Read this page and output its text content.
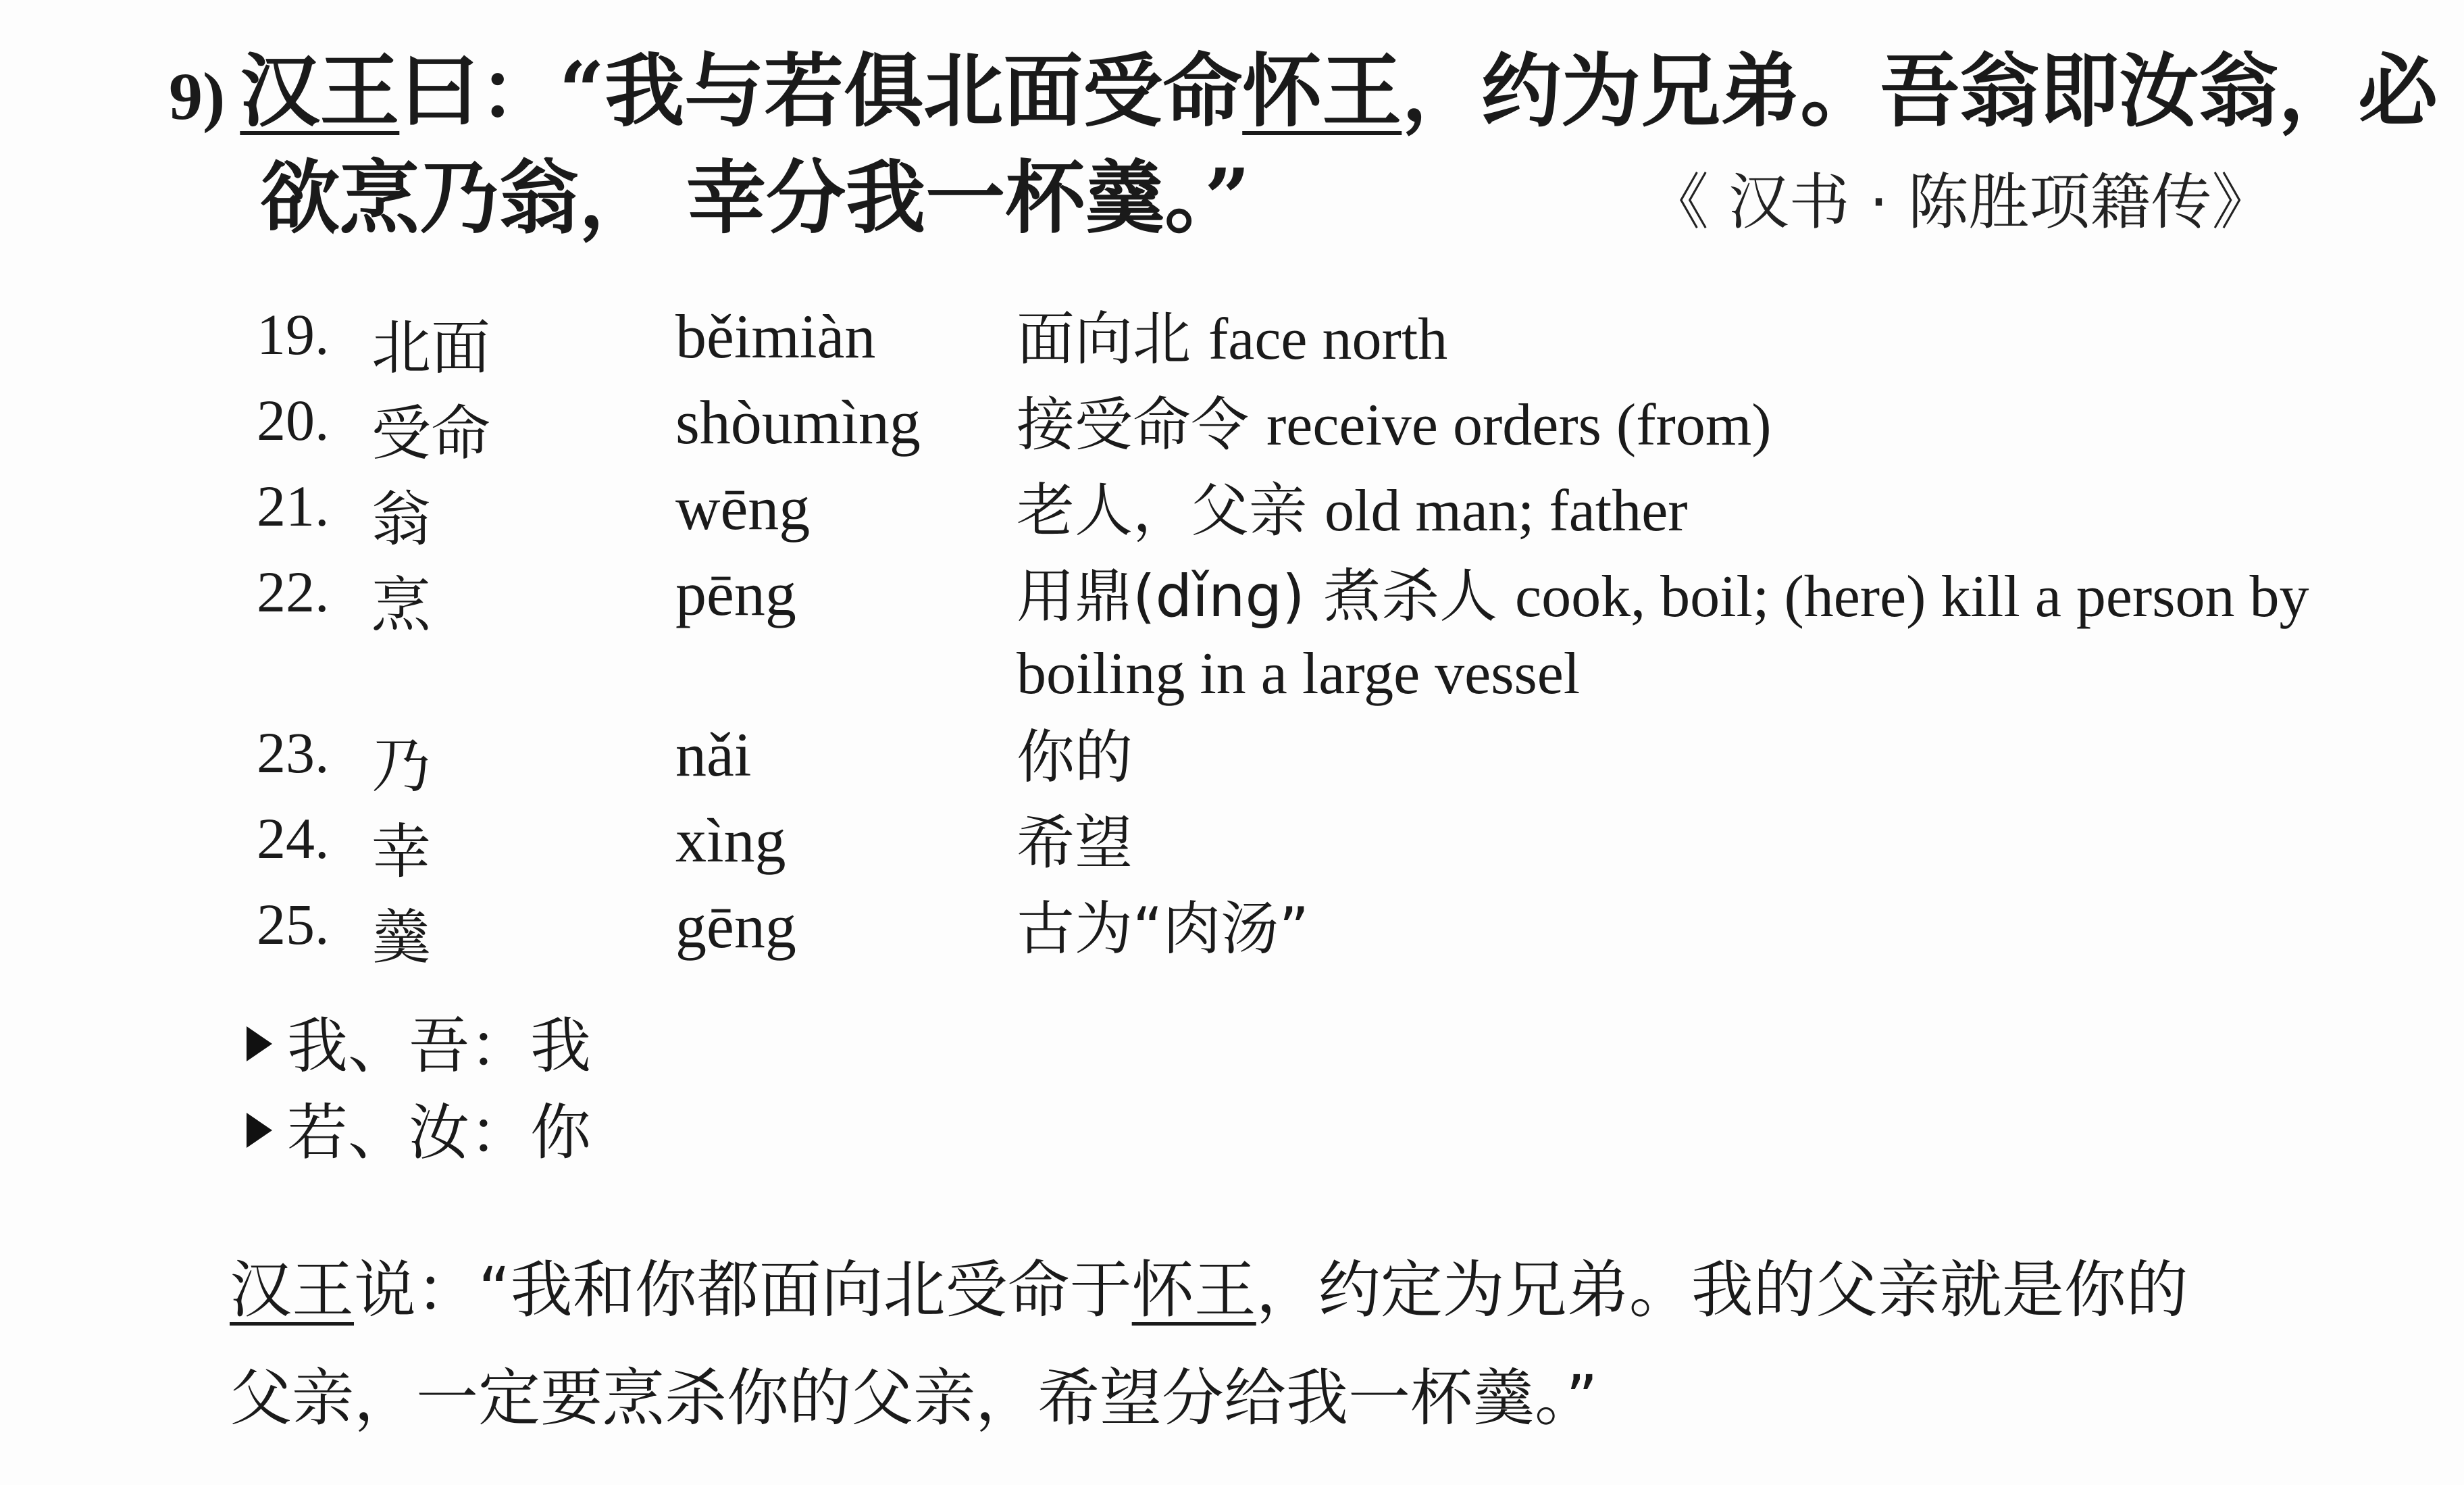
9) 汉王曰：“我与若俱北面受命怀王，约为兄弟。吾翁即汝翁，必
欲烹乃翁， 幸分我一杯羹。”	《 汉书 · 陈胜项籍传》
19. 北面	běimiàn 面向北 face north
20. 受命	shòumìng 接受命令 receive orders (from)
21. 翁	wēng	老人，父亲 old man; father
22. 烹	pēng	用鼎(dǐng) 煮杀人 cook, boil; (here) kill a person by boiling in a large vessel
23. 乃	nǎi	你的
24. 幸	xìng	希望
25. 羹	gēng	古为“肉汤”
我、吾：我
若、汝：你
汉王说：“我和你都面向北受命于怀王，约定为兄弟。我的父亲就是你的
父亲，一定要烹杀你的父亲，希望分给我一杯羹。”
